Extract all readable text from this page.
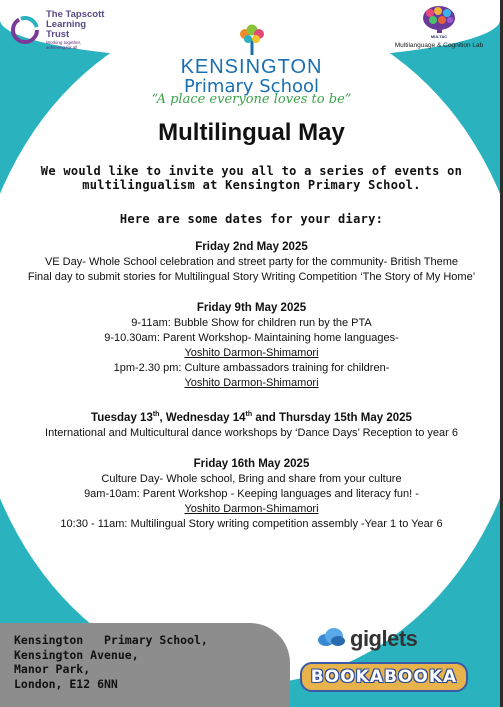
The Tapscott
Learning
Trust
Working together,
achieving for all
MULTAC
Multilanguage & Cognition Lab
KENSINGTON
Primary School
“A place everyone loves to be”
Multilingual May
We would like to invite you all to a series of events on multilingualism at Kensington Primary School.
Here are some dates for your diary:
Friday 2nd May 2025
VE Day- Whole School celebration and street party for the community- British Theme
Final day to submit stories for Multilingual Story Writing Competition ‘The Story of My Home’
Friday 9th May 2025
9-11am: Bubble Show for children run by the PTA
9-10.30am: Parent Workshop- Maintaining home languages-
Yoshito Darmon-Shimamori
1pm-2.30 pm: Culture ambassadors training for children-
Yoshito Darmon-Shimamori
Tuesday 13th, Wednesday 14th and Thursday 15th May 2025
International and Multicultural dance workshops by ‘Dance Days’ Reception to year 6
Friday 16th May 2025
Culture Day- Whole school, Bring and share from your culture
9am-10am: Parent Workshop - Keeping languages and literacy fun! -
Yoshito Darmon-Shimamori
10:30 - 11am: Multilingual Story writing competition assembly -Year 1 to Year 6
Kensington   Primary School,
Kensington Avenue,
Manor Park,
London, E12 6NN
giglets
BOOKABOOKA
